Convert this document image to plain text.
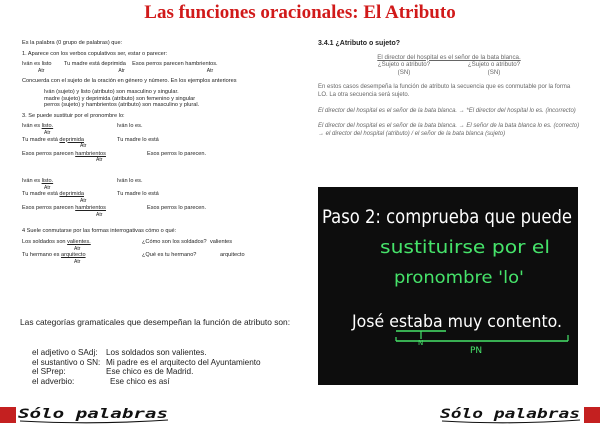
Las funciones oracionales: El Atributo

Es la palabra (0 grupo de palabras) que:

1. Aparece con los verbos copulativos ser, estar o parecer:

Iván es listo Tu madre está deprimida Esos perros parecen hambrientos.

Atr	Atr	Atr

Concuerda con el sujeto de la oración en género y número. En los ejemplos anteriores

Iván (sujeto) y listo (atributo) son masculino y singular.

madre (sujeto) y deprimida (atributo) son femenino y singular

perros (sujeto) y hambrientos (atributo) son masculino y plural.

3. Se puede sustituir por el pronombre lo:

Iván es listo.	Iván lo es.
Atr
Tu madre está deprimida	Tu madre lo está
Atr
Esos perros parecen hambrientos	Esos perros lo parecen.
Atr
Iván es listo.	Iván lo es.
Atr
Tu madre está deprimida	Tu madre lo está
Atr
Esos perros parecen hambrientos	Esos perros lo parecen.
Atr

4 Suele conmutarse por las formas interrogativas cómo o qué:

Los soldados son valientes.	¿Cómo son los soldados? valientes
Atr
Tu hermano es arquitecto	¿Qué es tu hermano?	arquitecto
Atr
Las categorías gramaticales que desempeñan la función de atributo son:
el adjetivo o SAdj:	Los soldados son valientes.
el sustantivo o SN: Mi padre es el arquitecto del Ayuntamiento
el SPrep:	Ese chico es de Madrid.
el adverbio:	Ese chico es así

3.4.1 ¿Atributo o sujeto?

El director del hospital es el señor de la bata blanca.
¿Sujeto o atributo?	¿Sujeto o atributo?
(SN)	(SN)

En estos casos desempeña la función de atributo la secuencia que es conmutable por la forma LO. La otra secuencia será sujeto.

El director del hospital es el señor de la bata blanca. → *El director del hospital lo es. (incorrecto)

El director del hospital es el señor de la bata blanca. → El señor de la bata blanca lo es. (correcto) → el director del hospital (atributo) / el señor de la bata blanca (sujeto)

Paso 2: comprueba que puede
sustituirse por el
pronombre 'lo'
José estaba muy contento.
N
PN
Sólo palabras	Sólo palabras
